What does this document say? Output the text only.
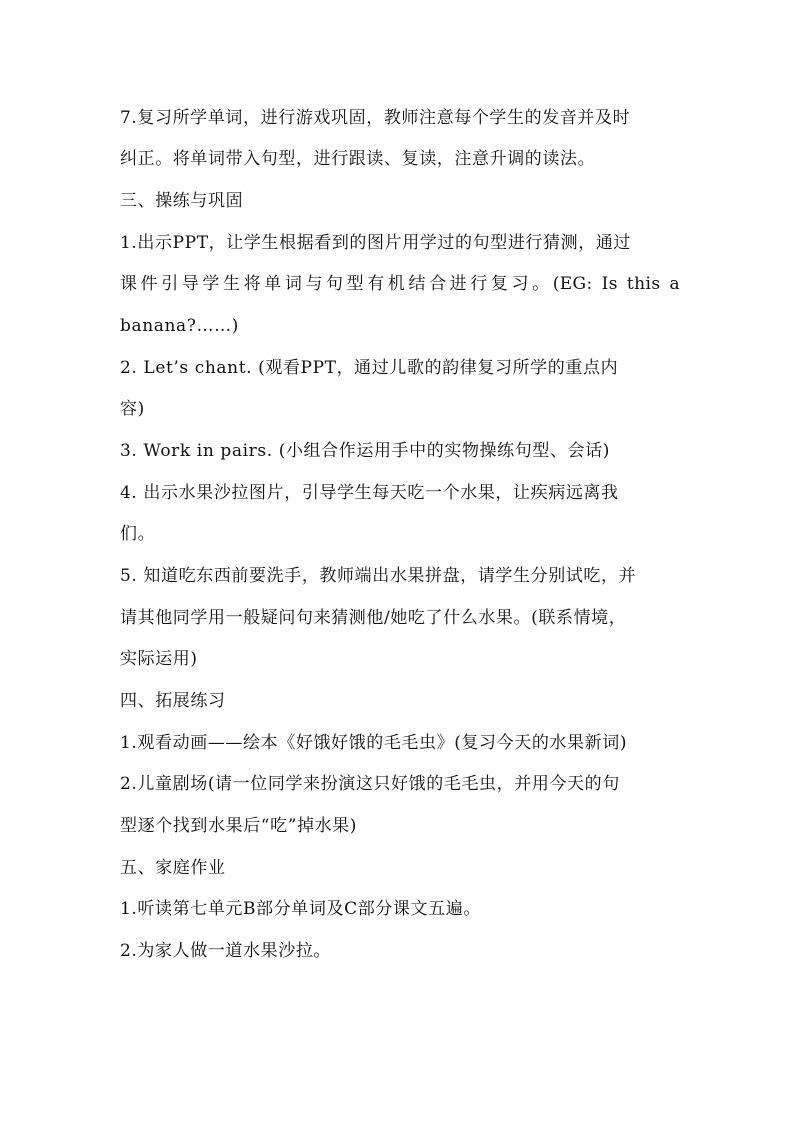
7.复习所学单词，进行游戏巩固，教师注意每个学生的发音并及时
纠正。将单词带入句型，进行跟读、复读，注意升调的读法。
三、操练与巩固
1.出示PPT，让学生根据看到的图片用学过的句型进行猜测，通过
课件引导学生将单词与句型有机结合进行复习。(EG: Is this a
banana?……)
2. Let’s chant. (观看PPT，通过儿歌的韵律复习所学的重点内
容)
3. Work in pairs. (小组合作运用手中的实物操练句型、会话)
4. 出示水果沙拉图片，引导学生每天吃一个水果，让疾病远离我
们。
5. 知道吃东西前要洗手，教师端出水果拼盘，请学生分别试吃，并
请其他同学用一般疑问句来猜测他/她吃了什么水果。(联系情境，
实际运用)
四、拓展练习
1.观看动画——绘本《好饿好饿的毛毛虫》(复习今天的水果新词)
2.儿童剧场(请一位同学来扮演这只好饿的毛毛虫，并用今天的句
型逐个找到水果后“吃”掉水果)
五、家庭作业
1.听读第七单元B部分单词及C部分课文五遍。
2.为家人做一道水果沙拉。
